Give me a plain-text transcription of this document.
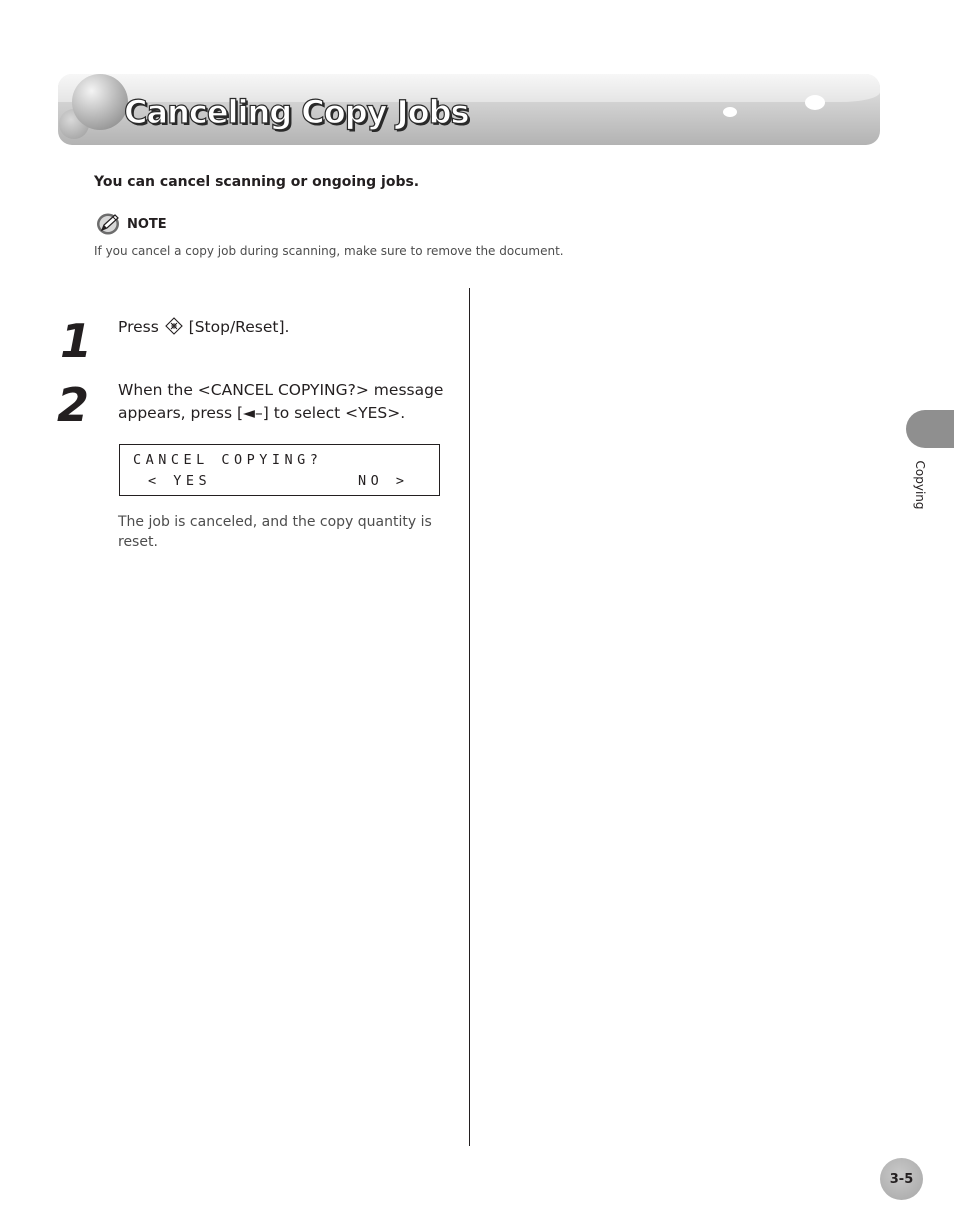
Canceling Copy Jobs

You can cancel scanning or ongoing jobs.

NOTE
If you cancel a copy job during scanning, make sure to remove the document.
1 Press [Stop/Reset].
2 When the <CANCEL COPYING?> message appears, press [◄–] to select <YES>.
CANCEL COPYING?
< YES	NO >
The job is canceled, and the copy quantity is reset.
Copying
3-5
